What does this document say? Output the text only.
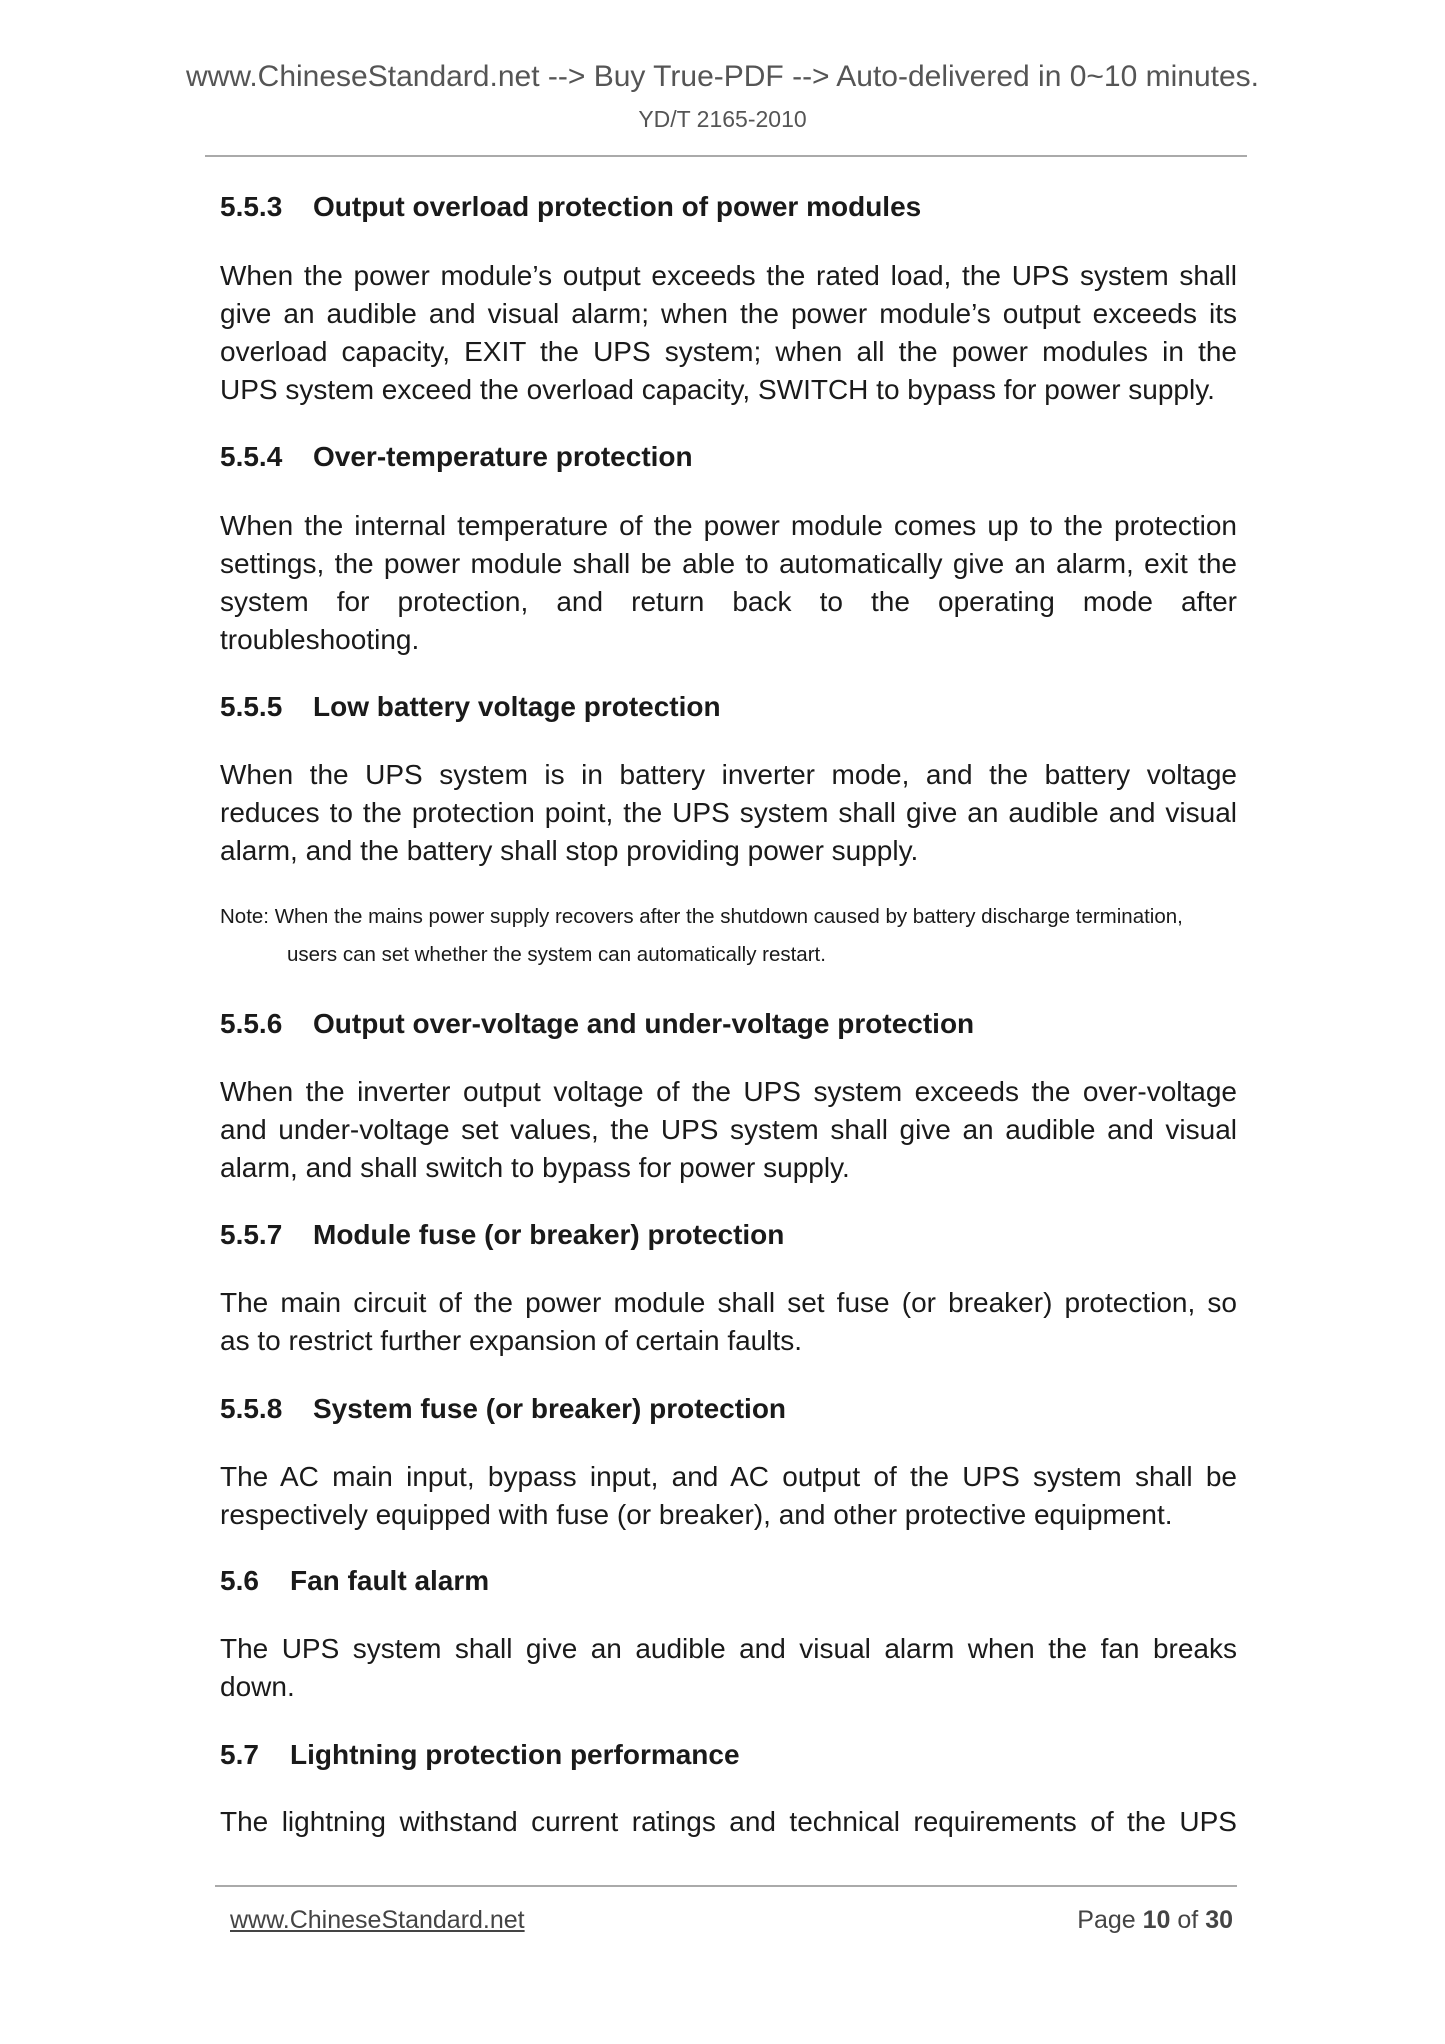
www.ChineseStandard.net --> Buy True-PDF --> Auto-delivered in 0~10 minutes.
YD/T 2165-2010
5.5.3 Output overload protection of power modules
When the power module’s output exceeds the rated load, the UPS system shall
give an audible and visual alarm; when the power module’s output exceeds its
overload capacity, EXIT the UPS system; when all the power modules in the
UPS system exceed the overload capacity, SWITCH to bypass for power supply.
5.5.4 Over-temperature protection
When the internal temperature of the power module comes up to the protection
settings, the power module shall be able to automatically give an alarm, exit the
system for protection, and return back to the operating mode after
troubleshooting.
5.5.5 Low battery voltage protection
When the UPS system is in battery inverter mode, and the battery voltage
reduces to the protection point, the UPS system shall give an audible and visual
alarm, and the battery shall stop providing power supply.
Note: When the mains power supply recovers after the shutdown caused by battery discharge termination,
users can set whether the system can automatically restart.
5.5.6 Output over-voltage and under-voltage protection
When the inverter output voltage of the UPS system exceeds the over-voltage
and under-voltage set values, the UPS system shall give an audible and visual
alarm, and shall switch to bypass for power supply.
5.5.7 Module fuse (or breaker) protection
The main circuit of the power module shall set fuse (or breaker) protection, so
as to restrict further expansion of certain faults.
5.5.8 System fuse (or breaker) protection
The AC main input, bypass input, and AC output of the UPS system shall be
respectively equipped with fuse (or breaker), and other protective equipment.
5.6 Fan fault alarm
The UPS system shall give an audible and visual alarm when the fan breaks
down.
5.7 Lightning protection performance
The lightning withstand current ratings and technical requirements of the UPS
www.ChineseStandard.net	Page 10 of 30
